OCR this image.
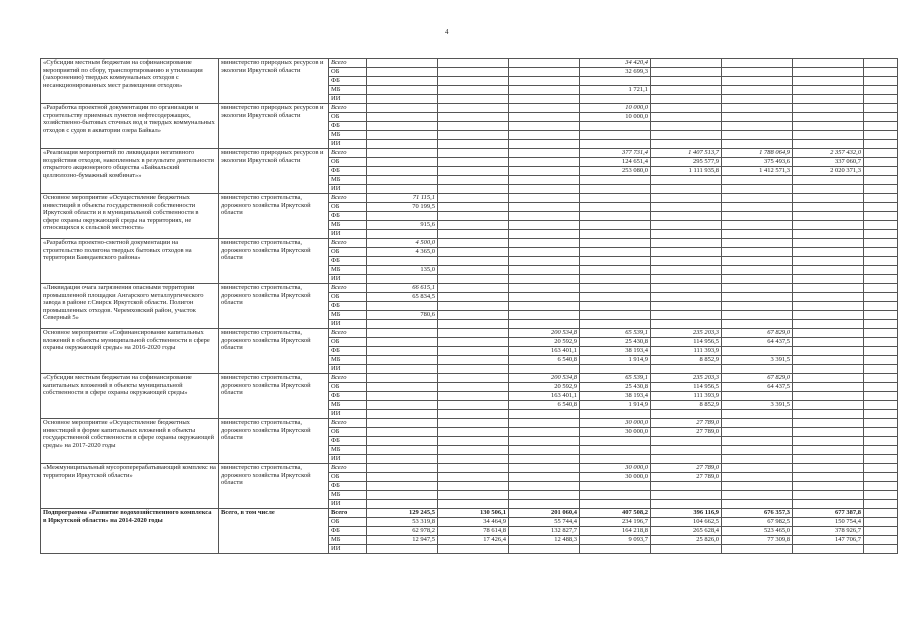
4
«Субсидии местным бюджетам на софинансирование мероприятий по сбору, транспортированию и утилизации (захоронению) твердых коммунальных отходов с несанкционированных мест размещения отходов»	министерство природных ресурсов и экологии Иркутской области	Всего				34 420,4				
		ОБ				32 699,3				
		ФБ								
		МБ				1 721,1				
		ИИ								
«Разработка проектной документации по организации и строительству приемных пунктов нефтесодержащих, хозяйственно-бытовых сточных вод и твердых коммунальных отходов с судов в акватории озера Байкал»	министерство природных ресурсов и экологии Иркутской области	Всего				10 000,0				
		ОБ				10 000,0				
		ФБ								
		МБ								
		ИИ								
«Реализация мероприятий по ликвидации негативного воздействия отходов, накопленных в результате деятельности открытого акционерного общества «Байкальский целлюлозно-бумажный комбинат»»	министерство природных ресурсов и экологии Иркутской области	Всего				377 731,4	1 407 513,7	1 788 064,9	2 357 432,0	
		ОБ				124 651,4	295 577,9	375 493,6	337 060,7	
		ФБ				253 080,0	1 111 935,8	1 412 571,3	2 020 371,3	
		МБ								
		ИИ								
Основное мероприятие «Осуществление бюджетных инвестиций в объекты государственной собственности Иркутской области и в муниципальной собственности в сфере охраны окружающей среды на территориях, не относящихся к сельской местности»	министерство строительства, дорожного хозяйства Иркутской области	Всего	71 115,1							
		ОБ	70 199,5							
		ФБ								
		МБ	915,6							
		ИИ								
«Разработка проектно-сметной документации на строительство полигона твердых бытовых отходов на территории Баяндаевского района»	министерство строительства, дорожного хозяйства Иркутской области	Всего	4 500,0							
		ОБ	4 365,0							
		ФБ								
		МБ	135,0							
		ИИ								
«Ликвидация очага загрязнения опасными территории промышленной площадки Ангарского металлургического завода в районе г.Свирск Иркутской области. Полигон промышленных отходов. Черемховский район, участок Северный 5»	министерство строительства, дорожного хозяйства Иркутской области	Всего	66 615,1							
		ОБ	65 834,5							
		ФБ								
		МБ	780,6							
		ИИ								
Основное мероприятие «Софинансирование капитальных вложений в объекты муниципальной собственности в сфере охраны окружающей среды» на 2016-2020 годы	министерство строительства, дорожного хозяйства Иркутской области	Всего			200 534,8	65 539,1	235 203,3	67 829,0		
		ОБ			20 592,9	25 430,8	114 956,5	64 437,5		
		ФБ			163 401,1	38 193,4	111 393,9			
		МБ			6 540,8	1 914,9	8 852,9	3 391,5		
		ИИ								
«Субсидии местным бюджетам на софинансирование капитальных вложений в объекты муниципальной собственности в сфере охраны окружающей среды»	министерство строительства, дорожного хозяйства Иркутской области	Всего			200 534,8	65 539,1	235 203,3	67 829,0		
		ОБ			20 592,9	25 430,8	114 956,5	64 437,5		
		ФБ			163 401,1	38 193,4	111 393,9			
		МБ			6 540,8	1 914,9	8 852,9	3 391,5		
		ИИ								
Основное мероприятие «Осуществление бюджетных инвестиций в форме капитальных вложений в объекты государственной собственности в сфере охраны окружающей среды» на 2017-2020 годы	министерство строительства, дорожного хозяйства Иркутской области	Всего				30 000,0	27 789,0			
		ОБ				30 000,0	27 789,0			
		ФБ								
		МБ								
		ИИ								
«Межмуниципальный мусороперерабатывающий комплекс на территории Иркутской области»	министерство строительства, дорожного хозяйства Иркутской области	Всего				30 000,0	27 789,0			
		ОБ				30 000,0	27 789,0			
		ФБ								
		МБ								
		ИИ								
Подпрограмма «Развитие водохозяйственного комплекса в Иркутской области» на 2014-2020 годы	Всего, в том числе	Всего	129 245,5	130 506,1	201 060,4	407 508,2	396 116,9	676 357,3	677 387,8	
		ОБ	53 319,8	34 464,9	55 744,4	234 196,7	104 662,5	67 982,5	150 754,4	
		ФБ	62 978,2	78 614,8	132 827,7	164 218,8	265 628,4	523 465,0	378 926,7	
		МБ	12 947,5	17 426,4	12 488,3	9 093,7	25 826,0	77 309,8	147 706,7	
		ИИ								
